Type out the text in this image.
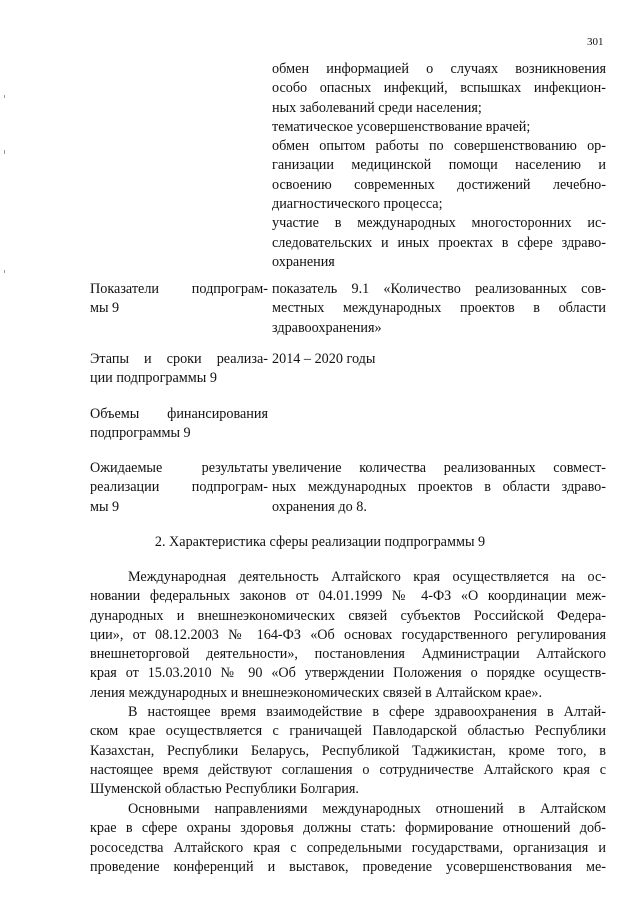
301
обмен информацией о случаях возникновения
особо опасных инфекций, вспышках инфекцион-
ных заболеваний среди населения;
тематическое усовершенствование врачей;
обмен опытом работы по совершенствованию ор-
ганизации медицинской помощи населению и
освоению современных достижений лечебно-
диагностического процесса;
участие в международных многосторонних ис-
следовательских и иных проектах в сфере здраво-
охранения
Показатели подпрограм-
мы 9
показатель 9.1 «Количество реализованных сов-
местных международных проектов в области
здравоохранения»
Этапы и сроки реализа-
ции подпрограммы 9
2014 – 2020 годы
Объемы финансирования
подпрограммы 9
Ожидаемые результаты
реализации подпрограм-
мы 9
увеличение количества реализованных совмест-
ных международных проектов в области здраво-
охранения до 8.
2. Характеристика сферы реализации подпрограммы 9
Международная деятельность Алтайского края осуществляется на ос-
новании федеральных законов от 04.01.1999 № 4-ФЗ «О координации меж-
дународных и внешнеэкономических связей субъектов Российской Федера-
ции», от 08.12.2003 № 164-ФЗ «Об основах государственного регулирования
внешнеторговой деятельности», постановления Администрации Алтайского
края от 15.03.2010 № 90 «Об утверждении Положения о порядке осуществ-
ления международных и внешнеэкономических связей в Алтайском крае».
В настоящее время взаимодействие в сфере здравоохранения в Алтай-
ском крае осуществляется с граничащей Павлодарской областью Республики
Казахстан, Республики Беларусь, Республикой Таджикистан, кроме того, в
настоящее время действуют соглашения о сотрудничестве Алтайского края с
Шуменской областью Республики Болгария.
Основными направлениями международных отношений в Алтайском
крае в сфере охраны здоровья должны стать: формирование отношений доб-
рососедства Алтайского края с сопредельными государствами, организация и
проведение конференций и выставок, проведение усовершенствования ме-
